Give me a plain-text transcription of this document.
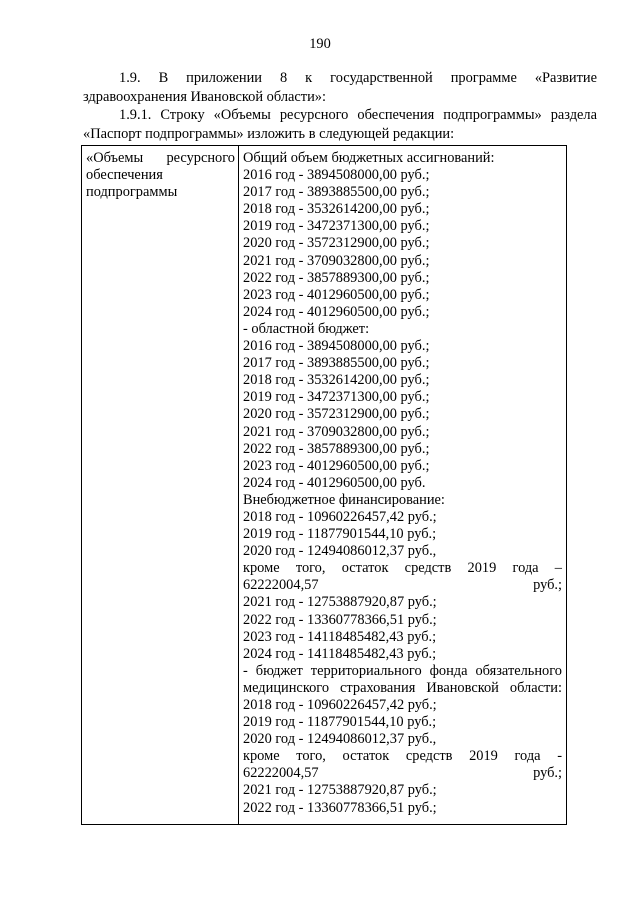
190

1.9. В приложении 8 к государственной программе «Развитие здравоохранения Ивановской области»:

1.9.1. Строку «Объемы ресурсного обеспечения подпрограммы» раздела «Паспорт подпрограммы» изложить в следующей редакции:

«Объемы ресурсного
обеспечения
подпрограммы
Общий объем бюджетных ассигнований:
2016 год - 3894508000,00 руб.;
2017 год - 3893885500,00 руб.;
2018 год - 3532614200,00 руб.;
2019 год - 3472371300,00 руб.;
2020 год - 3572312900,00 руб.;
2021 год - 3709032800,00 руб.;
2022 год - 3857889300,00 руб.;
2023 год - 4012960500,00 руб.;
2024 год - 4012960500,00 руб.;
- областной бюджет:
2016 год - 3894508000,00 руб.;
2017 год - 3893885500,00 руб.;
2018 год - 3532614200,00 руб.;
2019 год - 3472371300,00 руб.;
2020 год - 3572312900,00 руб.;
2021 год - 3709032800,00 руб.;
2022 год - 3857889300,00 руб.;
2023 год - 4012960500,00 руб.;
2024 год - 4012960500,00 руб.
Внебюджетное финансирование:
2018 год - 10960226457,42 руб.;
2019 год - 11877901544,10 руб.;
2020 год - 12494086012,37 руб.,
кроме того, остаток средств 2019 года – 62222004,57 руб.;
2021 год - 12753887920,87 руб.;
2022 год - 13360778366,51 руб.;
2023 год - 14118485482,43 руб.;
2024 год - 14118485482,43 руб.;
- бюджет территориального фонда обязательного медицинского страхования Ивановской области:
2018 год - 10960226457,42 руб.;
2019 год - 11877901544,10 руб.;
2020 год - 12494086012,37 руб.,
кроме того, остаток средств 2019 года - 62222004,57 руб.;
2021 год - 12753887920,87 руб.;
2022 год - 13360778366,51 руб.;
